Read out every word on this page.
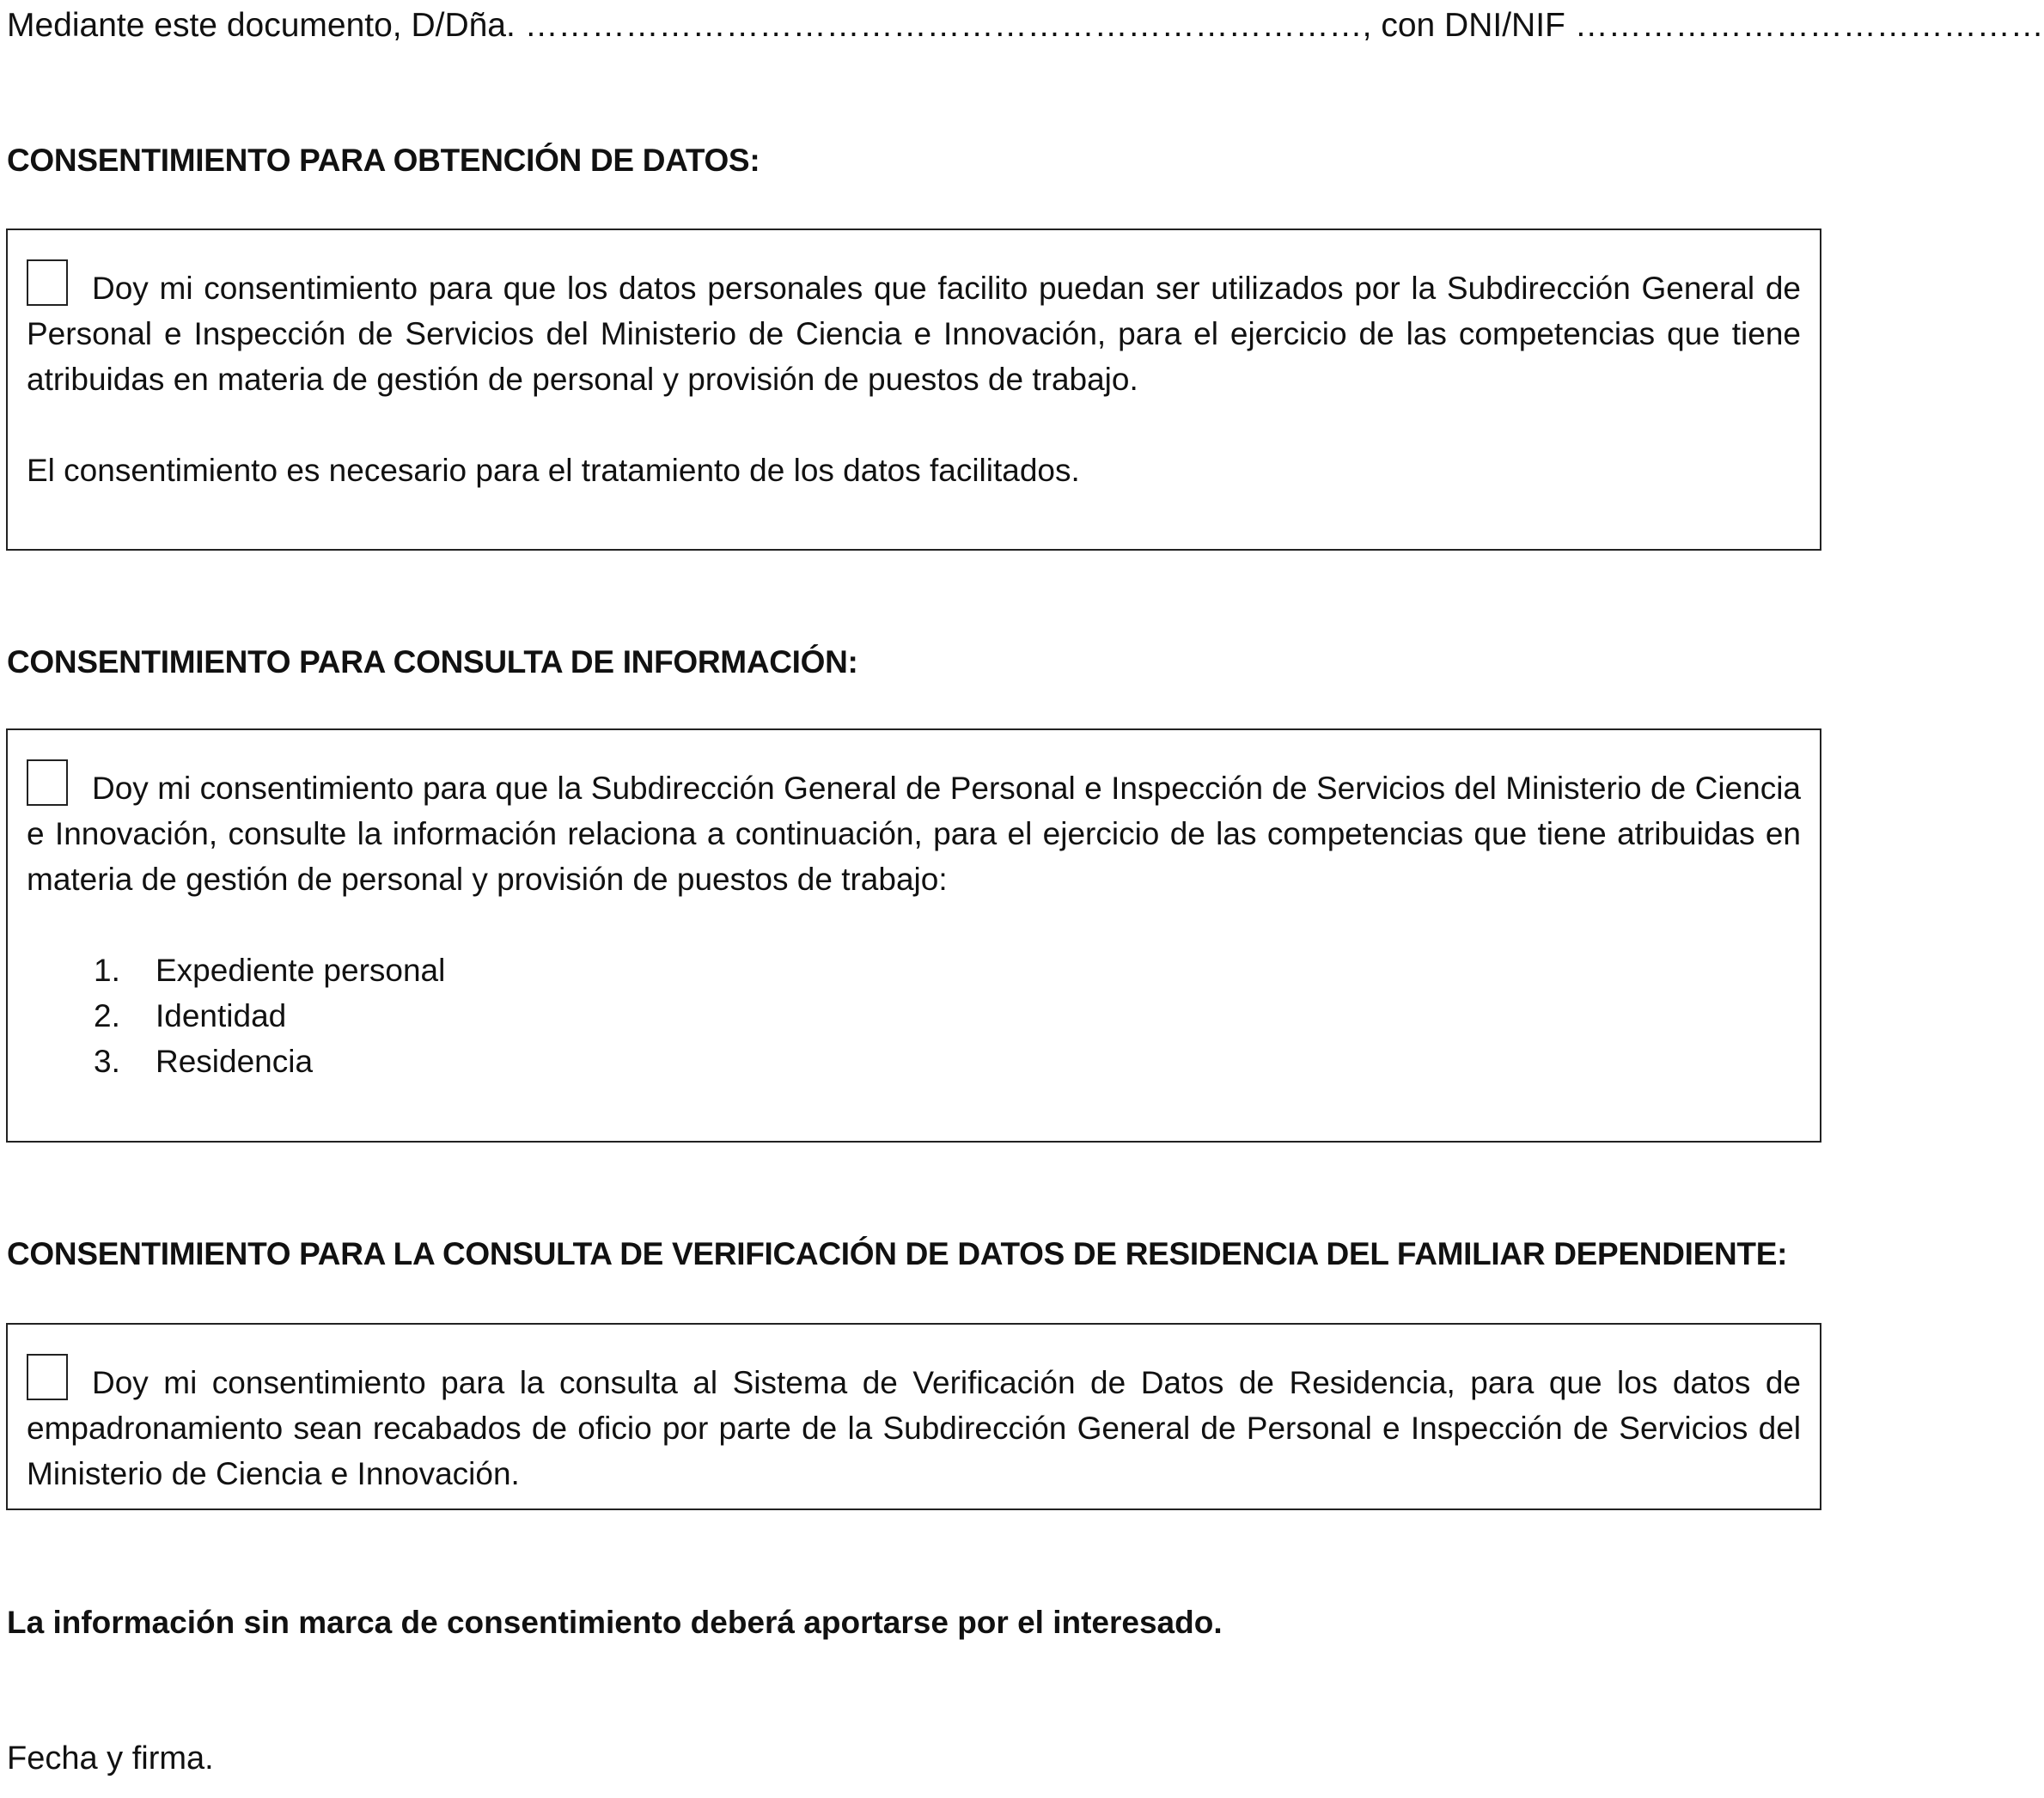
Mediante este documento, D/Dña. …………………………………………………………………, con DNI/NIF ……………………………………
CONSENTIMIENTO PARA OBTENCIÓN DE DATOS:

Doy mi consentimiento para que los datos personales que facilito puedan ser utilizados por la Subdirección General de Personal e Inspección de Servicios del Ministerio de Ciencia e Innovación, para el ejercicio de las competencias que tiene atribuidas en materia de gestión de personal y provisión de puestos de trabajo.

El consentimiento es necesario para el tratamiento de los datos facilitados.

CONSENTIMIENTO PARA CONSULTA DE INFORMACIÓN:

Doy mi consentimiento para que la Subdirección General de Personal e Inspección de Servicios del Ministerio de Ciencia e Innovación, consulte la información relaciona a continuación, para el ejercicio de las competencias que tiene atribuidas en materia de gestión de personal y provisión de puestos de trabajo:

1.	Expediente personal
2.	Identidad
3.	Residencia
CONSENTIMIENTO PARA LA CONSULTA DE VERIFICACIÓN DE DATOS DE RESIDENCIA DEL FAMILIAR DEPENDIENTE:

Doy mi consentimiento para la consulta al Sistema de Verificación de Datos de Residencia, para que los datos de empadronamiento sean recabados de oficio por parte de la Subdirección General de Personal e Inspección de Servicios del Ministerio de Ciencia e Innovación.

La información sin marca de consentimiento deberá aportarse por el interesado.
Fecha y firma.
